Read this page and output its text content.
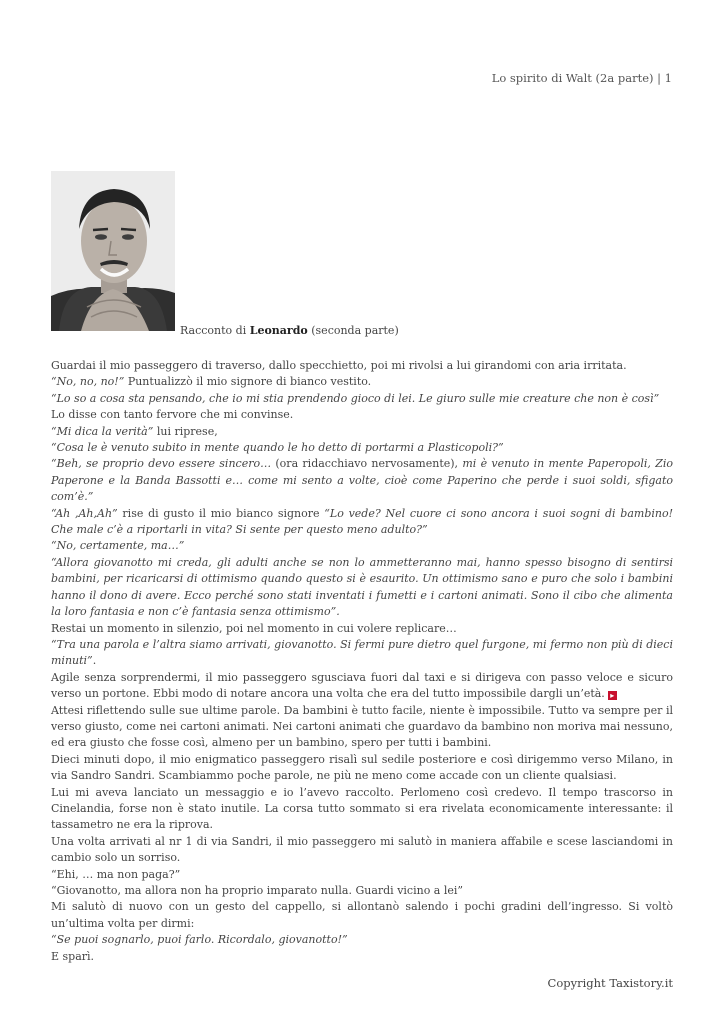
Lo spirito di Walt (2a parte) | 1
Racconto di Leonardo (seconda parte)

Guardai il mio passeggero di traverso, dallo specchietto, poi mi rivolsi a lui girandomi con aria irritata.

“No, no, no!” Puntualizzò il mio signore di bianco vestito.

“Lo so a cosa sta pensando, che io mi stia prendendo gioco di lei. Le giuro sulle mie creature che non è così”

Lo disse con tanto fervore che mi convinse.

“Mi dica la verità” lui riprese,

“Cosa le è venuto subito in mente quando le ho detto di portarmi a Plasticopoli?”

“Beh, se proprio devo essere sincero… (ora ridacchiavo nervosamente), mi è venuto in mente Paperopoli, Zio Paperone e la Banda Bassotti e… come mi sento a volte, cioè come Paperino che perde i suoi soldi, sfigato com’è.”

“Ah ,Ah,Ah” rise di gusto il mio bianco signore “Lo vede? Nel cuore ci sono ancora i suoi sogni di bambino! Che male c’è a riportarli in vita? Si sente per questo meno adulto?”

“No, certamente, ma…”

“Allora giovanotto mi creda, gli adulti anche se non lo ammetteranno mai, hanno spesso bisogno di sentirsi bambini, per ricaricarsi di ottimismo quando questo si è esaurito. Un ottimismo sano e puro che solo i bambini hanno il dono di avere. Ecco perché sono stati inventati i fumetti e i cartoni animati. Sono il cibo che alimenta la loro fantasia e non c’è fantasia senza ottimismo”.

Restai un momento in silenzio, poi nel momento in cui volere replicare…

“Tra una parola e l’altra siamo arrivati, giovanotto. Si fermi pure dietro quel furgone, mi fermo non più di dieci minuti”.

Agile senza sorprendermi, il mio passeggero sgusciava fuori dal taxi e si dirigeva con passo veloce e sicuro verso un portone. Ebbi modo di notare ancora una volta che era del tutto impossibile dargli un’età. ▸

Attesi riflettendo sulle sue ultime parole. Da bambini è tutto facile, niente è impossibile. Tutto va sempre per il verso giusto, come nei cartoni animati. Nei cartoni animati che guardavo da bambino non moriva mai nessuno, ed era giusto che fosse così, almeno per un bambino, spero per tutti i bambini.

Dieci minuti dopo, il mio enigmatico passeggero risalì sul sedile posteriore e così dirigemmo verso Milano, in via Sandro Sandri. Scambiammo poche parole, ne più ne meno come accade con un cliente qualsiasi.

Lui mi aveva lanciato un messaggio e io l’avevo raccolto. Perlomeno così credevo. Il tempo trascorso in Cinelandia, forse non è stato inutile. La corsa tutto sommato si era rivelata economicamente interessante: il tassametro ne era la riprova.

Una volta arrivati al nr 1 di via Sandri, il mio passeggero mi salutò in maniera affabile e scese lasciandomi in cambio solo un sorriso.

“Ehi, … ma non paga?”

“Giovanotto, ma allora non ha proprio imparato nulla. Guardi vicino a lei”

Mi salutò di nuovo con un gesto del cappello, si allontanò salendo i pochi gradini dell’ingresso. Si voltò un’ultima volta per dirmi:

“Se puoi sognarlo, puoi farlo. Ricordalo, giovanotto!”

E sparì.

Copyright Taxistory.it
